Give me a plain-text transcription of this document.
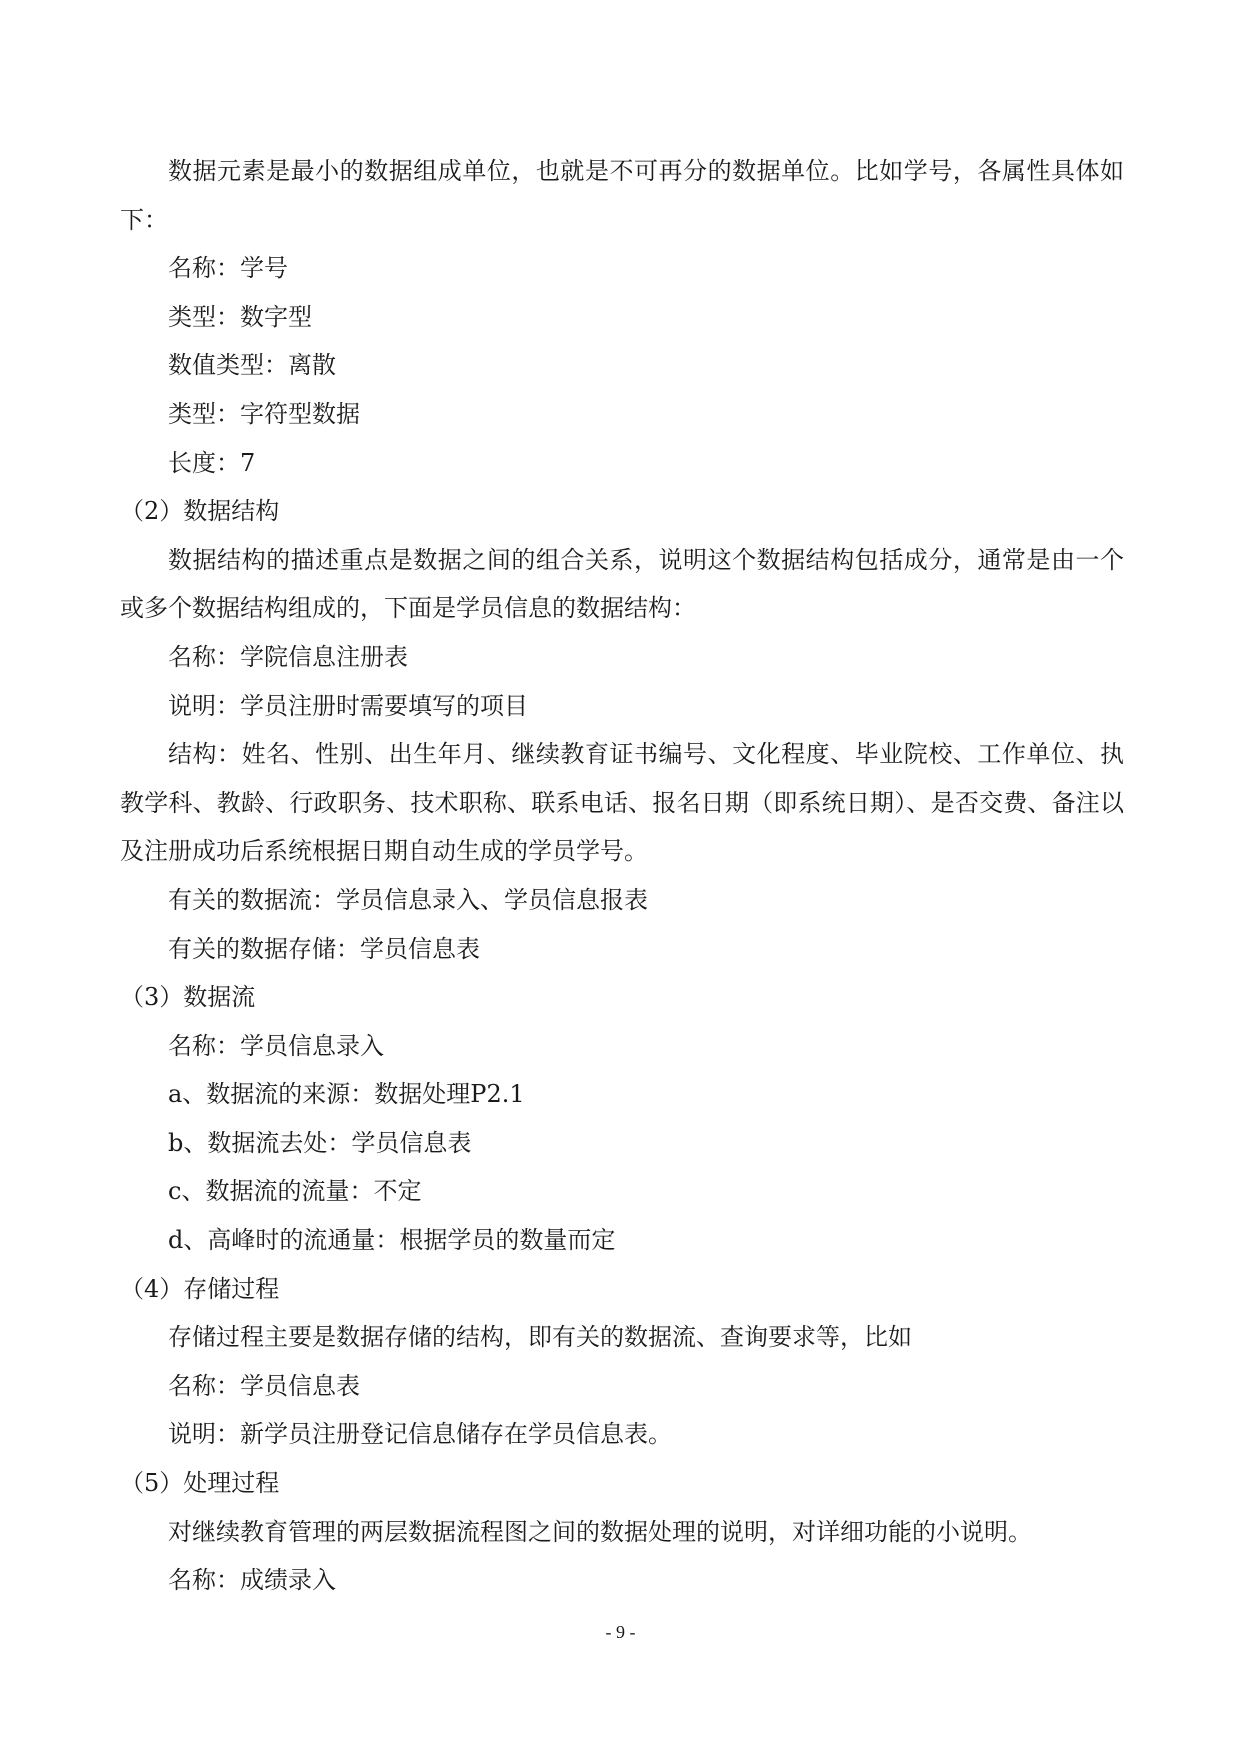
数据元素是最小的数据组成单位，也就是不可再分的数据单位。比如学号，各属性具体如下：
名称：学号
类型：数字型
数值类型：离散
类型：字符型数据
长度：7
（2）数据结构
数据结构的描述重点是数据之间的组合关系，说明这个数据结构包括成分，通常是由一个或多个数据结构组成的，下面是学员信息的数据结构：
名称：学院信息注册表
说明：学员注册时需要填写的项目
结构：姓名、性别、出生年月、继续教育证书编号、文化程度、毕业院校、工作单位、执教学科、教龄、行政职务、技术职称、联系电话、报名日期（即系统日期）、是否交费、备注以及注册成功后系统根据日期自动生成的学员学号。
有关的数据流：学员信息录入、学员信息报表
有关的数据存储：学员信息表
（3）数据流
名称：学员信息录入
a、数据流的来源：数据处理P2.1
b、数据流去处：学员信息表
c、数据流的流量：不定
d、高峰时的流通量：根据学员的数量而定
（4）存储过程
存储过程主要是数据存储的结构，即有关的数据流、查询要求等，比如
名称：学员信息表
说明：新学员注册登记信息储存在学员信息表。
（5）处理过程
对继续教育管理的两层数据流程图之间的数据处理的说明，对详细功能的小说明。
名称：成绩录入
- 9 -
